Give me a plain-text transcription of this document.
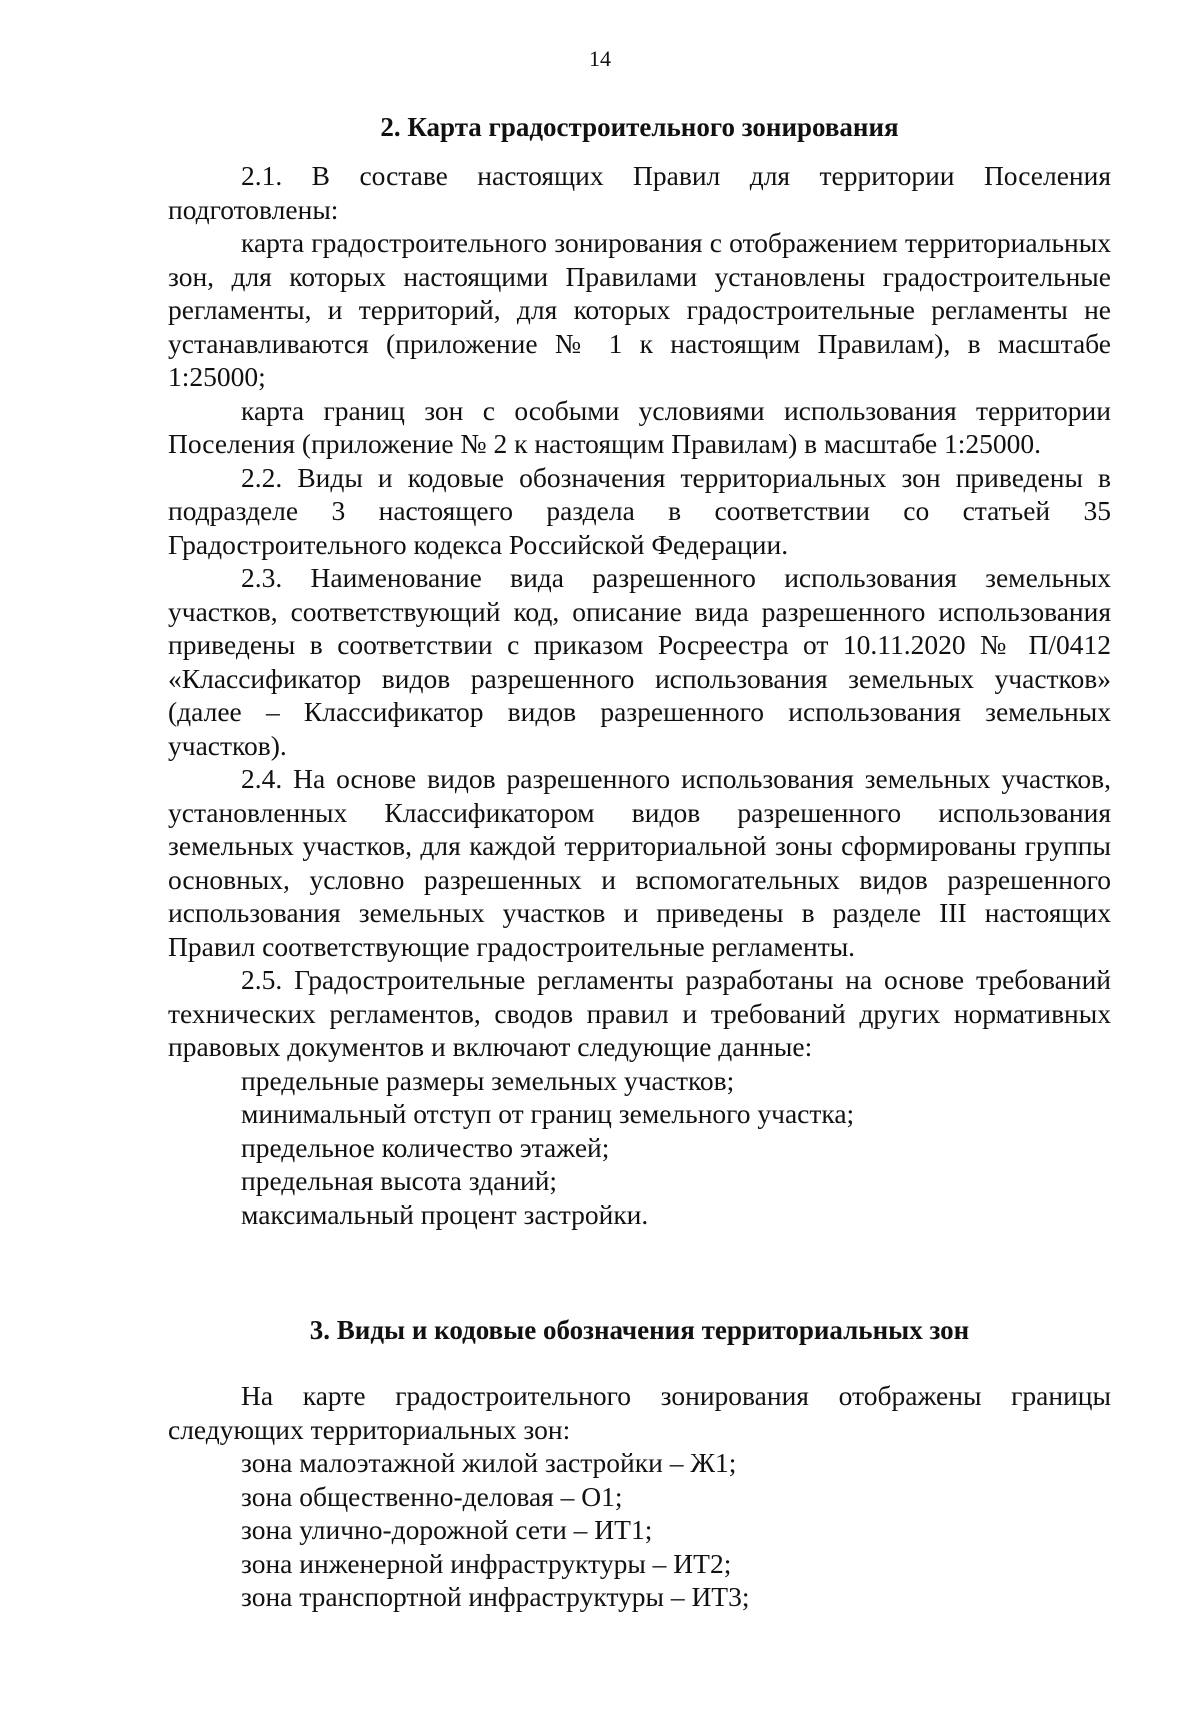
14
2. Карта градостроительного зонирования

2.1. В составе настоящих Правил для территории Поселения подготовлены:

карта градостроительного зонирования с отображением территориальных зон, для которых настоящими Правилами установлены градостроительные регламенты, и территорий, для которых градостроительные регламенты не устанавливаются (приложение № 1 к настоящим Правилам), в масштабе 1:25000;

карта границ зон с особыми условиями использования территории Поселения (приложение № 2 к настоящим Правилам) в масштабе 1:25000.

2.2. Виды и кодовые обозначения территориальных зон приведены в подразделе 3 настоящего раздела в соответствии со статьей 35 Градостроительного кодекса Российской Федерации.

2.3. Наименование вида разрешенного использования земельных участков, соответствующий код, описание вида разрешенного использования приведены в соответствии с приказом Росреестра от 10.11.2020 № П/0412 «Классификатор видов разрешенного использования земельных участков» (далее – Классификатор видов разрешенного использования земельных участков).

2.4. На основе видов разрешенного использования земельных участков, установленных Классификатором видов разрешенного использования земельных участков, для каждой территориальной зоны сформированы группы основных, условно разрешенных и вспомогательных видов разрешенного использования земельных участков и приведены в разделе III настоящих Правил соответствующие градостроительные регламенты.

2.5. Градостроительные регламенты разработаны на основе требований технических регламентов, сводов правил и требований других нормативных правовых документов и включают следующие данные:

предельные размеры земельных участков;

минимальный отступ от границ земельного участка;

предельное количество этажей;

предельная высота зданий;

максимальный процент застройки.

3. Виды и кодовые обозначения территориальных зон

На карте градостроительного зонирования отображены границы следующих территориальных зон:

зона малоэтажной жилой застройки – Ж1;

зона общественно-деловая – О1;

зона улично-дорожной сети – ИТ1;

зона инженерной инфраструктуры – ИТ2;

зона транспортной инфраструктуры – ИТ3;
